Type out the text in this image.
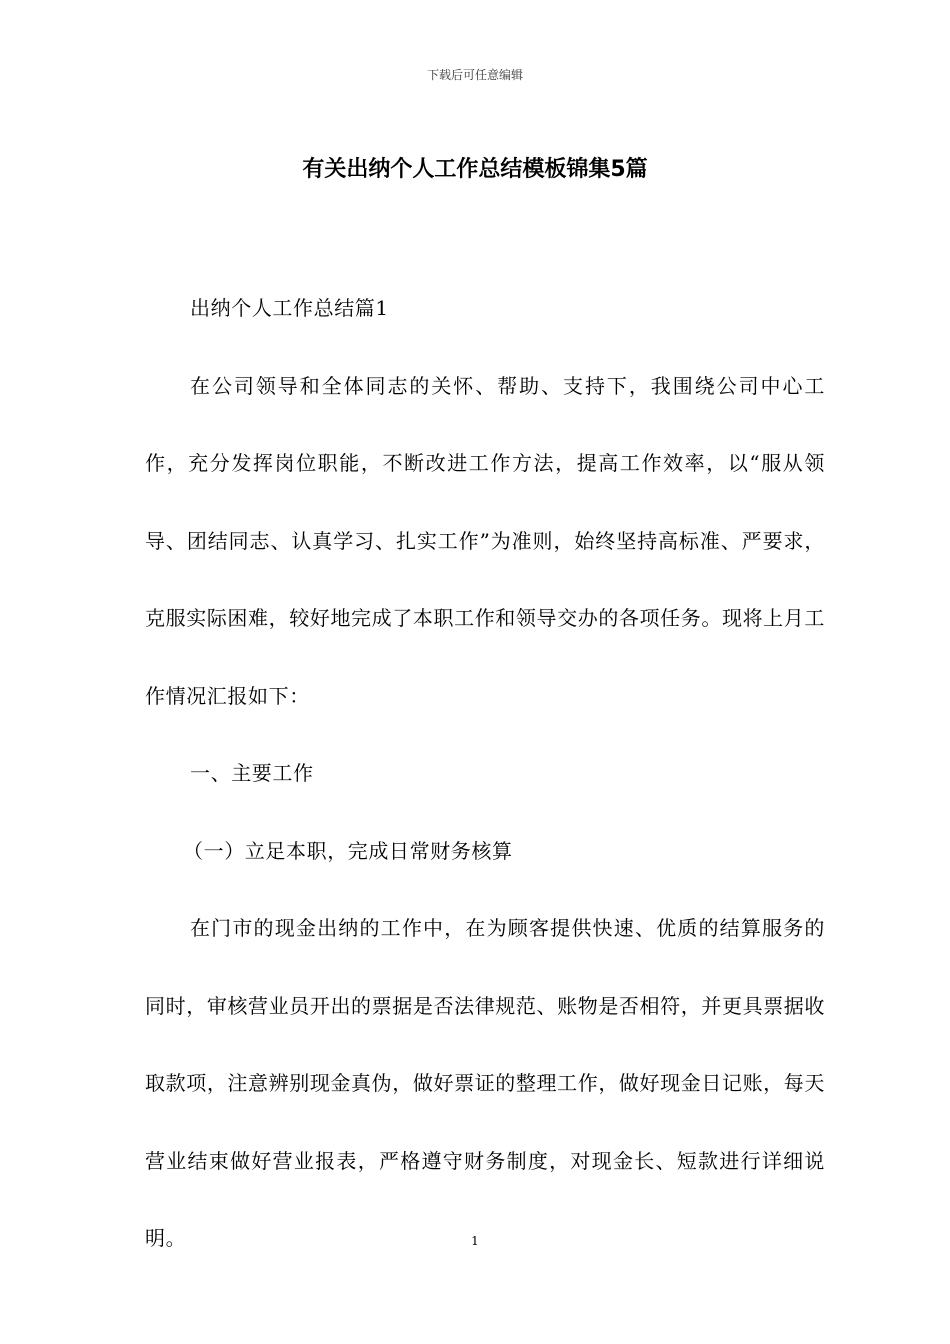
下载后可任意编辑
有关出纳个人工作总结模板锦集5篇

出纳个人工作总结篇1

在公司领导和全体同志的关怀、帮助、支持下，我围绕公司中心工作，充分发挥岗位职能，不断改进工作方法，提高工作效率，以“服从领导、团结同志、认真学习、扎实工作”为准则，始终坚持高标准、严要求，克服实际困难，较好地完成了本职工作和领导交办的各项任务。现将上月工作情况汇报如下：

一、主要工作

（一）立足本职，完成日常财务核算

在门市的现金出纳的工作中，在为顾客提供快速、优质的结算服务的同时，审核营业员开出的票据是否法律规范、账物是否相符，并更具票据收取款项，注意辨别现金真伪，做好票证的整理工作，做好现金日记账，每天营业结束做好营业报表，严格遵守财务制度，对现金长、短款进行详细说明。	1
